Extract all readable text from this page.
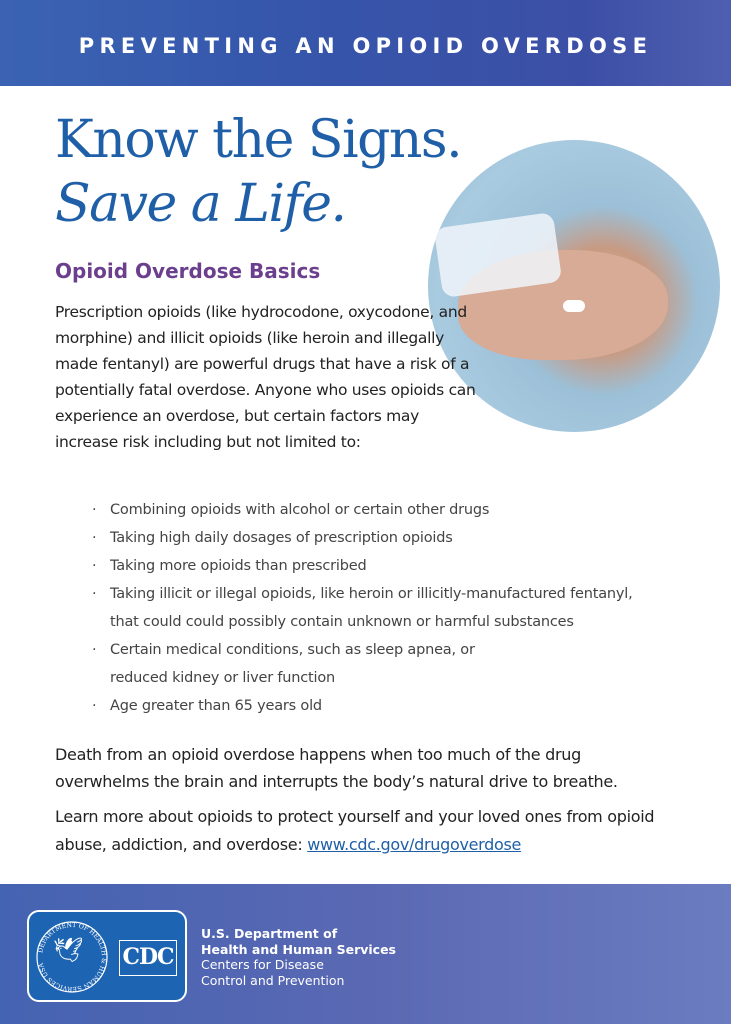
PREVENTING AN OPIOID OVERDOSE
Know the Signs.
Save a Life.
Opioid Overdose Basics

Prescription opioids (like hydrocodone, oxycodone, and morphine) and illicit opioids (like heroin and illegally made fentanyl) are powerful drugs that have a risk of a potentially fatal overdose. Anyone who uses opioids can experience an overdose, but certain factors may increase risk including but not limited to:

· Combining opioids with alcohol or certain other drugs
· Taking high daily dosages of prescription opioids
· Taking more opioids than prescribed
· Taking illicit or illegal opioids, like heroin or illicitly-manufactured fentanyl, that could could possibly contain unknown or harmful substances
· Certain medical conditions, such as sleep apnea, or reduced kidney or liver function
· Age greater than 65 years old

Death from an opioid overdose happens when too much of the drug overwhelms the brain and interrupts the body’s natural drive to breathe.

Learn more about opioids to protect yourself and your loved ones from opioid abuse, addiction, and overdose: www.cdc.gov/drugoverdose

DEPARTMENT OF HEALTH & HUMAN SERVICES USA
🕊 CDC
U.S. Department of
Health and Human Services
Centers for Disease
Control and Prevention
